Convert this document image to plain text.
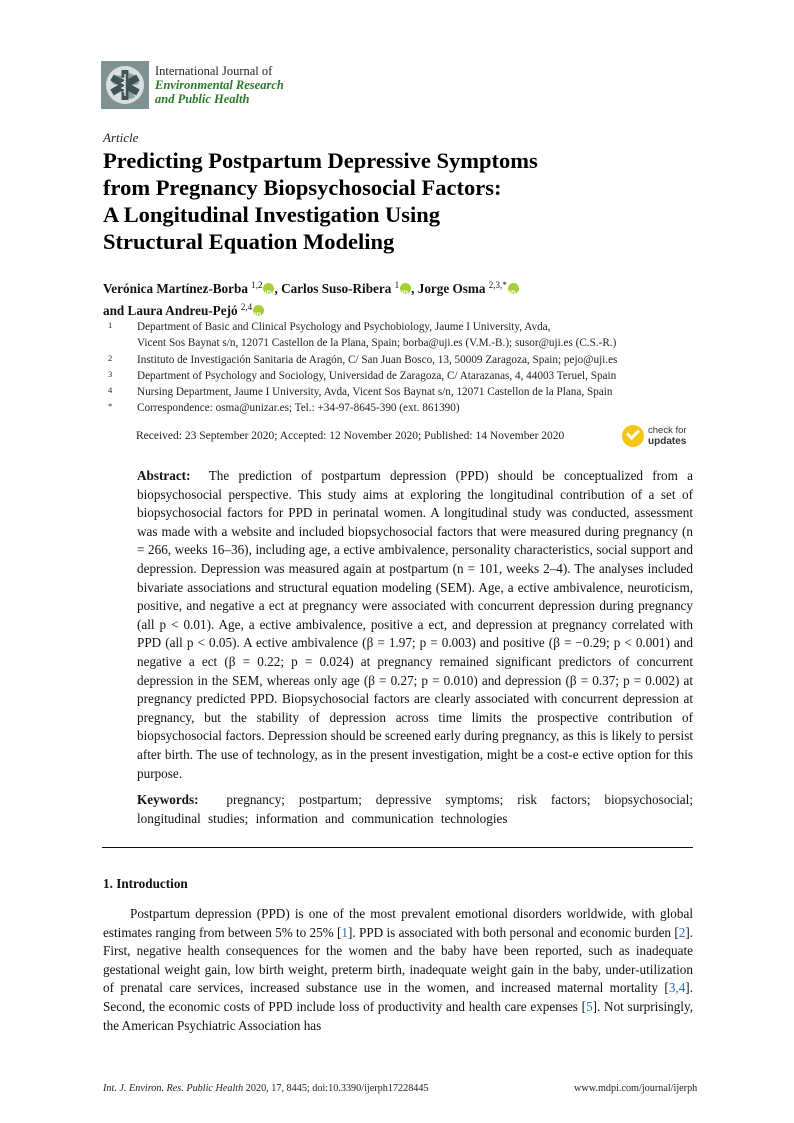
International Journal of
Environmental Research
and Public Health
Article
Predicting Postpartum Depressive Symptoms
from Pregnancy Biopsychosocial Factors:
A Longitudinal Investigation Using
Structural Equation Modeling
Verónica Martínez-Borba $^{1,2}$ iD , Carlos Suso-Ribera $^1$ iD , Jorge Osma $^{2,3,*}$iD
and Laura Andreu-Pejó $^{2,4}$iD
1	Department of Basic and Clinical Psychology and Psychobiology, Jaume I University, Avda,
Vicent Sos Baynat s/n, 12071 Castellon de la Plana, Spain; borba@uji.es (V.M.-B.); susor@uji.es (C.S.-R.)
2	Instituto de Investigación Sanitaria de Aragón, C/ San Juan Bosco, 13, 50009 Zaragoza, Spain; pejo@uji.es
3	Department of Psychology and Sociology, Universidad de Zaragoza, C/ Atarazanas, 4, 44003 Teruel, Spain
4	Nursing Department, Jaume I University, Avda, Vicent Sos Baynat s/n, 12071 Castellon de la Plana, Spain
*	Correspondence: osma@unizar.es; Tel.: +34-97-8645-390 (ext. 861390)
Received: 23 September 2020; Accepted: 12 November 2020; Published: 14 November 2020	check for
updates
Abstract: The prediction of postpartum depression (PPD) should be conceptualized from a biopsychosocial perspective. This study aims at exploring the longitudinal contribution of a set of biopsychosocial factors for PPD in perinatal women. A longitudinal study was conducted, assessment was made with a website and included biopsychosocial factors that were measured during pregnancy (n = 266, weeks 16–36), including age, a ective ambivalence, personality characteristics, social support and depression. Depression was measured again at postpartum (n = 101, weeks 2–4). The analyses included bivariate associations and structural equation modeling (SEM). Age, a ective ambivalence, neuroticism, positive, and negative a ect at pregnancy were associated with concurrent depression during pregnancy (all p < 0.01). Age, a ective ambivalence, positive a ect, and depression at pregnancy correlated with PPD (all p < 0.05). A ective ambivalence (β = 1.97; p = 0.003) and positive (β = −0.29; p < 0.001) and negative a ect (β = 0.22; p = 0.024) at pregnancy remained significant predictors of concurrent depression in the SEM, whereas only age (β = 0.27; p = 0.010) and depression (β = 0.37; p = 0.002) at pregnancy predicted PPD. Biopsychosocial factors are clearly associated with concurrent depression at pregnancy, but the stability of depression across time limits the prospective contribution of biopsychosocial factors. Depression should be screened early during pregnancy, as this is likely to persist after birth. The use of technology, as in the present investigation, might be a cost-e ective option for this purpose.
Keywords: pregnancy; postpartum; depressive symptoms; risk factors; biopsychosocial; longitudinal studies; information and communication technologies
1. Introduction

Postpartum depression (PPD) is one of the most prevalent emotional disorders worldwide, with global estimates ranging from between 5% to 25% [1]. PPD is associated with both personal and economic burden [2]. First, negative health consequences for the women and the baby have been reported, such as inadequate gestational weight gain, low birth weight, preterm birth, inadequate weight gain in the baby, under-utilization of prenatal care services, increased substance use in the women, and increased maternal mortality [3,4]. Second, the economic costs of PPD include loss of productivity and health care expenses [5]. Not surprisingly, the American Psychiatric Association has

Int. J. Environ. Res. Public Health 2020, 17, 8445; doi:10.3390/ijerph17228445	www.mdpi.com/journal/ijerph
